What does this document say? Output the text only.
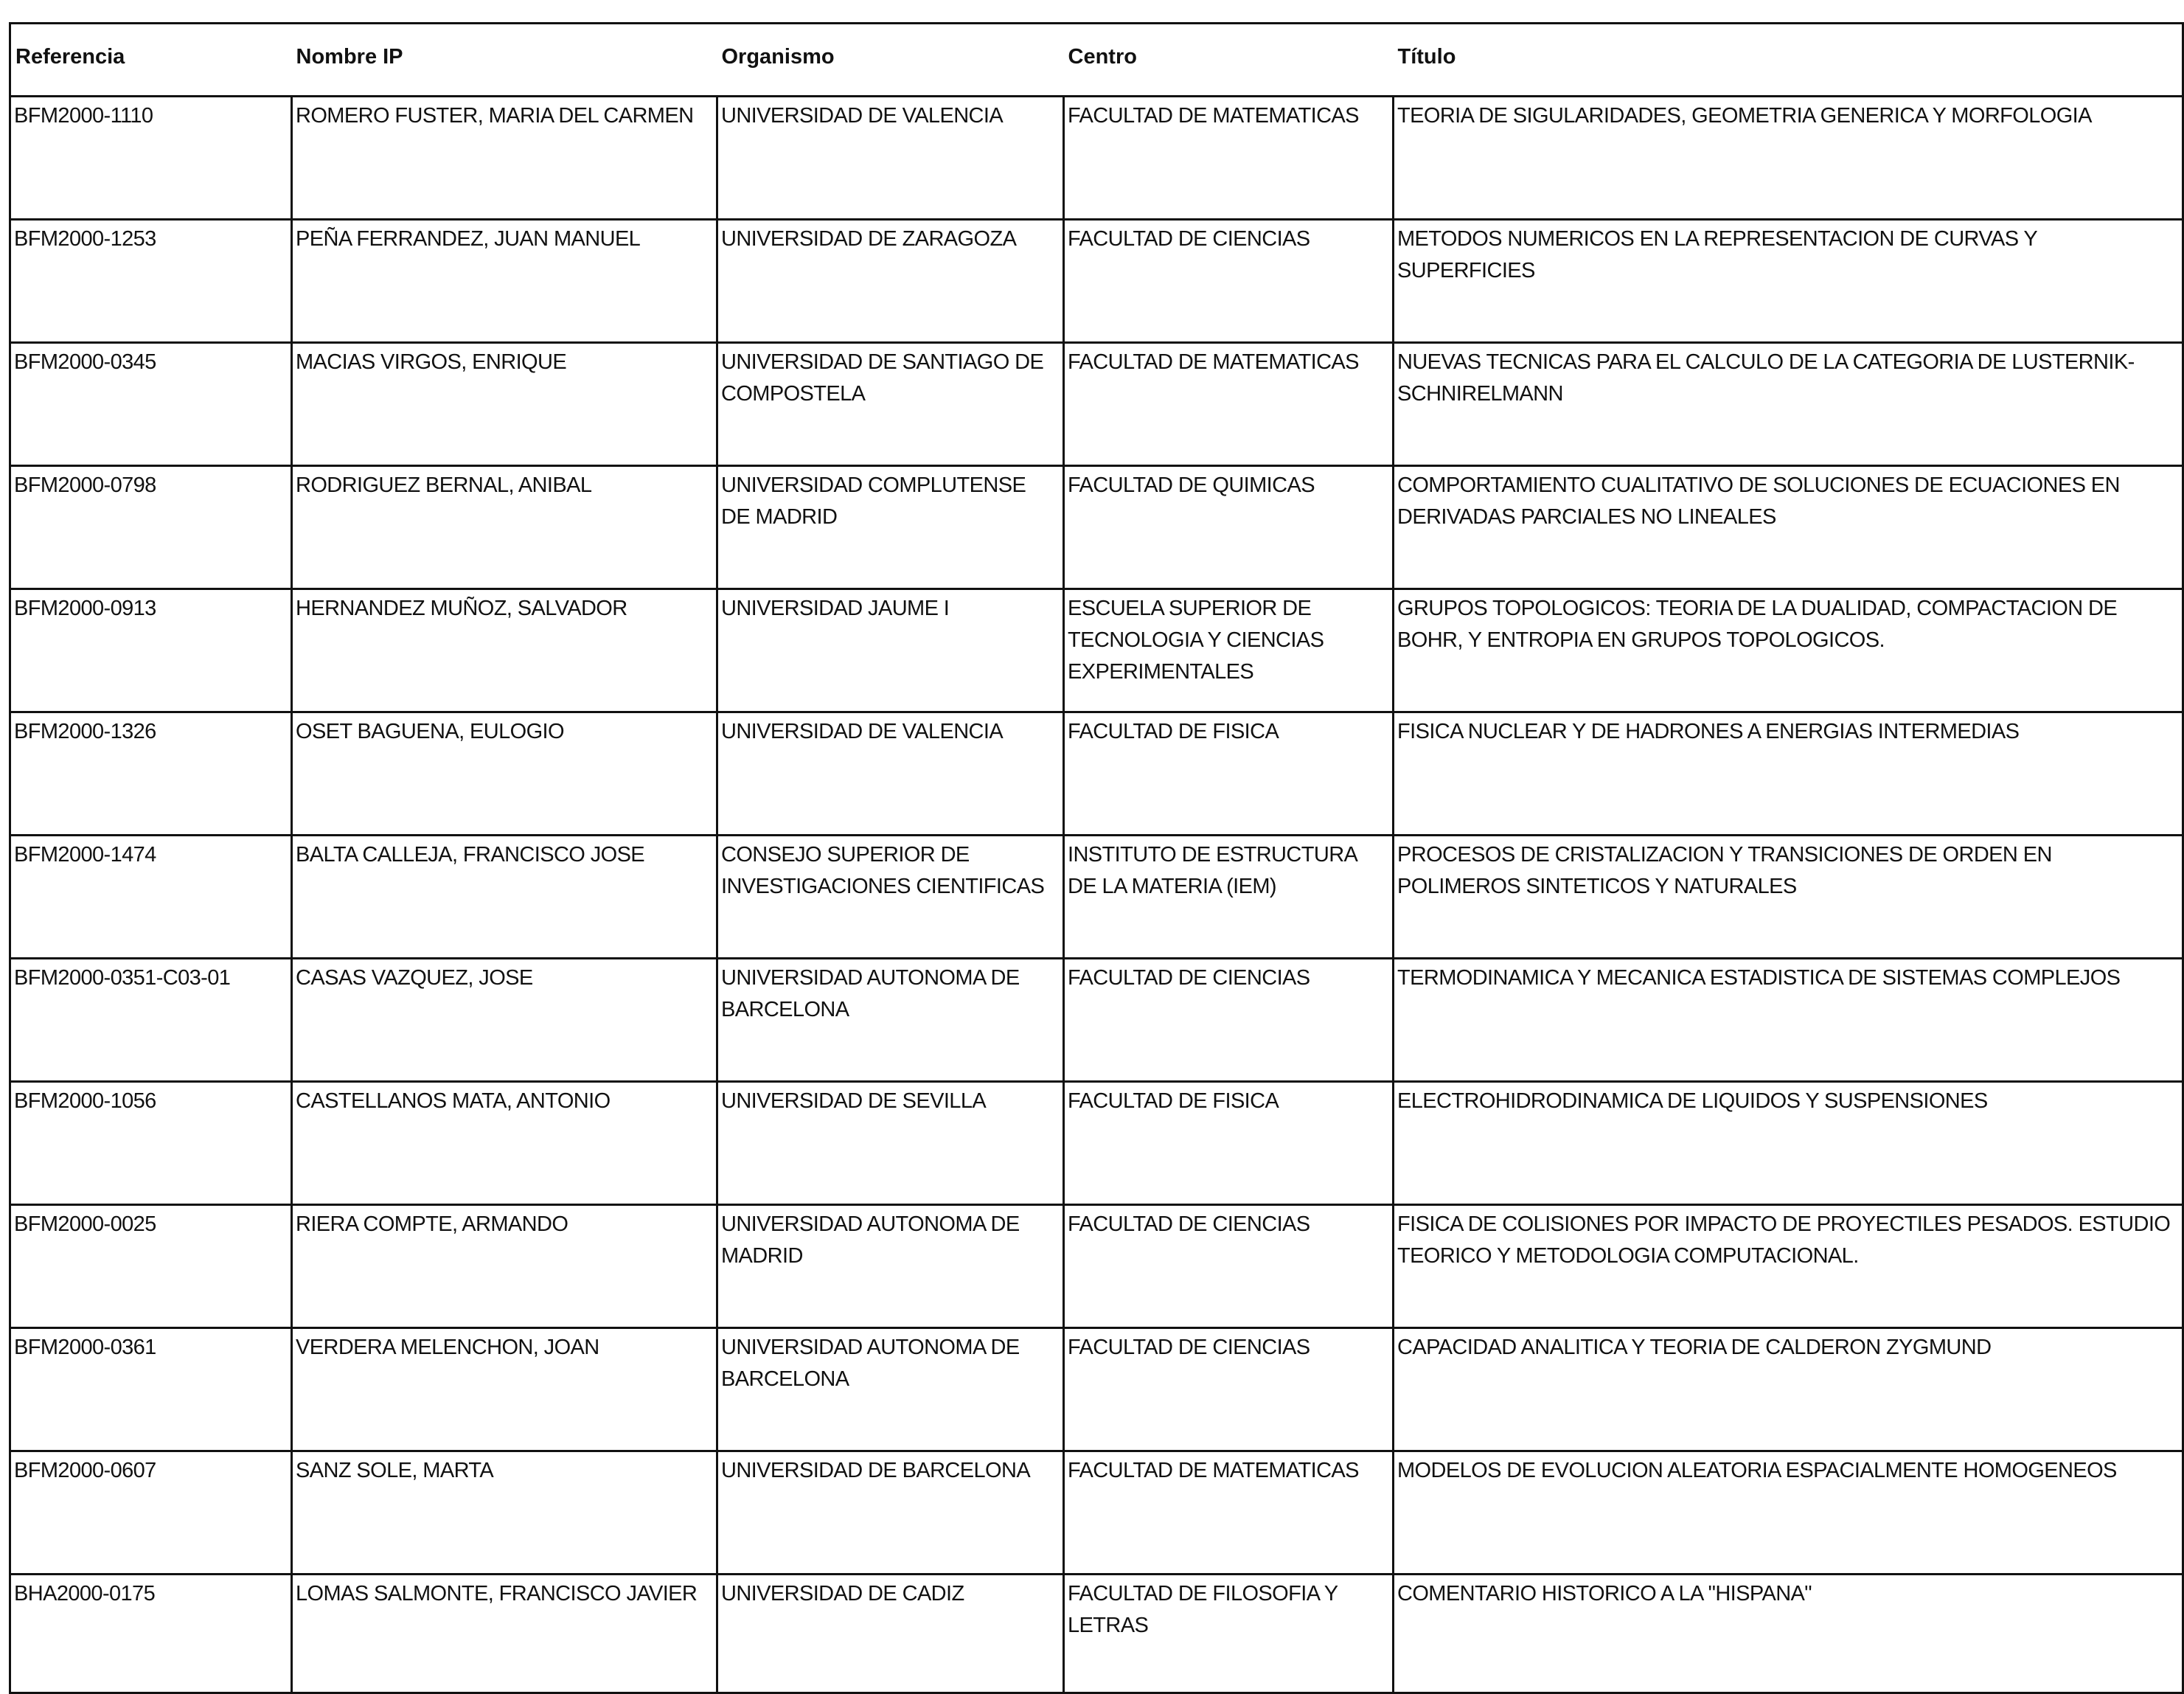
Referencia	Nombre IP	Organismo	Centro	Título

BFM2000-1110	ROMERO FUSTER, MARIA DEL CARMEN	UNIVERSIDAD DE VALENCIA	FACULTAD DE MATEMATICAS	TEORIA DE SIGULARIDADES, GEOMETRIA GENERICA Y MORFOLOGIA

BFM2000-1253	PEÑA FERRANDEZ, JUAN MANUEL	UNIVERSIDAD DE ZARAGOZA	FACULTAD DE CIENCIAS	METODOS NUMERICOS EN LA REPRESENTACION DE CURVAS Y SUPERFICIES

BFM2000-0345	MACIAS VIRGOS, ENRIQUE	UNIVERSIDAD DE SANTIAGO DE COMPOSTELA	FACULTAD DE MATEMATICAS	NUEVAS TECNICAS PARA EL CALCULO DE LA CATEGORIA DE LUSTERNIK-SCHNIRELMANN

BFM2000-0798	RODRIGUEZ BERNAL, ANIBAL	UNIVERSIDAD COMPLUTENSE DE MADRID	FACULTAD DE QUIMICAS	COMPORTAMIENTO CUALITATIVO DE SOLUCIONES DE ECUACIONES EN DERIVADAS PARCIALES NO LINEALES

BFM2000-0913	HERNANDEZ MUÑOZ, SALVADOR	UNIVERSIDAD JAUME I	ESCUELA SUPERIOR DE TECNOLOGIA Y CIENCIAS EXPERIMENTALES	GRUPOS TOPOLOGICOS: TEORIA DE LA DUALIDAD, COMPACTACION DE BOHR, Y ENTROPIA EN GRUPOS TOPOLOGICOS.

BFM2000-1326	OSET BAGUENA, EULOGIO	UNIVERSIDAD DE VALENCIA	FACULTAD DE FISICA	FISICA NUCLEAR Y DE HADRONES A ENERGIAS INTERMEDIAS

BFM2000-1474	BALTA CALLEJA, FRANCISCO JOSE	CONSEJO SUPERIOR DE INVESTIGACIONES CIENTIFICAS	INSTITUTO DE ESTRUCTURA DE LA MATERIA (IEM)	PROCESOS DE CRISTALIZACION Y TRANSICIONES DE ORDEN EN POLIMEROS SINTETICOS Y NATURALES

BFM2000-0351-C03-01	CASAS VAZQUEZ, JOSE	UNIVERSIDAD AUTONOMA DE BARCELONA	FACULTAD DE CIENCIAS	TERMODINAMICA Y MECANICA ESTADISTICA DE SISTEMAS COMPLEJOS

BFM2000-1056	CASTELLANOS MATA, ANTONIO	UNIVERSIDAD DE SEVILLA	FACULTAD DE FISICA	ELECTROHIDRODINAMICA DE LIQUIDOS Y SUSPENSIONES

BFM2000-0025	RIERA COMPTE, ARMANDO	UNIVERSIDAD AUTONOMA DE MADRID	FACULTAD DE CIENCIAS	FISICA DE COLISIONES POR IMPACTO DE PROYECTILES PESADOS. ESTUDIO TEORICO Y METODOLOGIA COMPUTACIONAL.

BFM2000-0361	VERDERA MELENCHON, JOAN	UNIVERSIDAD AUTONOMA DE BARCELONA	FACULTAD DE CIENCIAS	CAPACIDAD ANALITICA Y TEORIA DE CALDERON ZYGMUND

BFM2000-0607	SANZ SOLE, MARTA	UNIVERSIDAD DE BARCELONA	FACULTAD DE MATEMATICAS	MODELOS DE EVOLUCION ALEATORIA ESPACIALMENTE HOMOGENEOS

BHA2000-0175	LOMAS SALMONTE, FRANCISCO JAVIER	UNIVERSIDAD DE CADIZ	FACULTAD DE FILOSOFIA Y LETRAS	COMENTARIO HISTORICO A LA "HISPANA"
